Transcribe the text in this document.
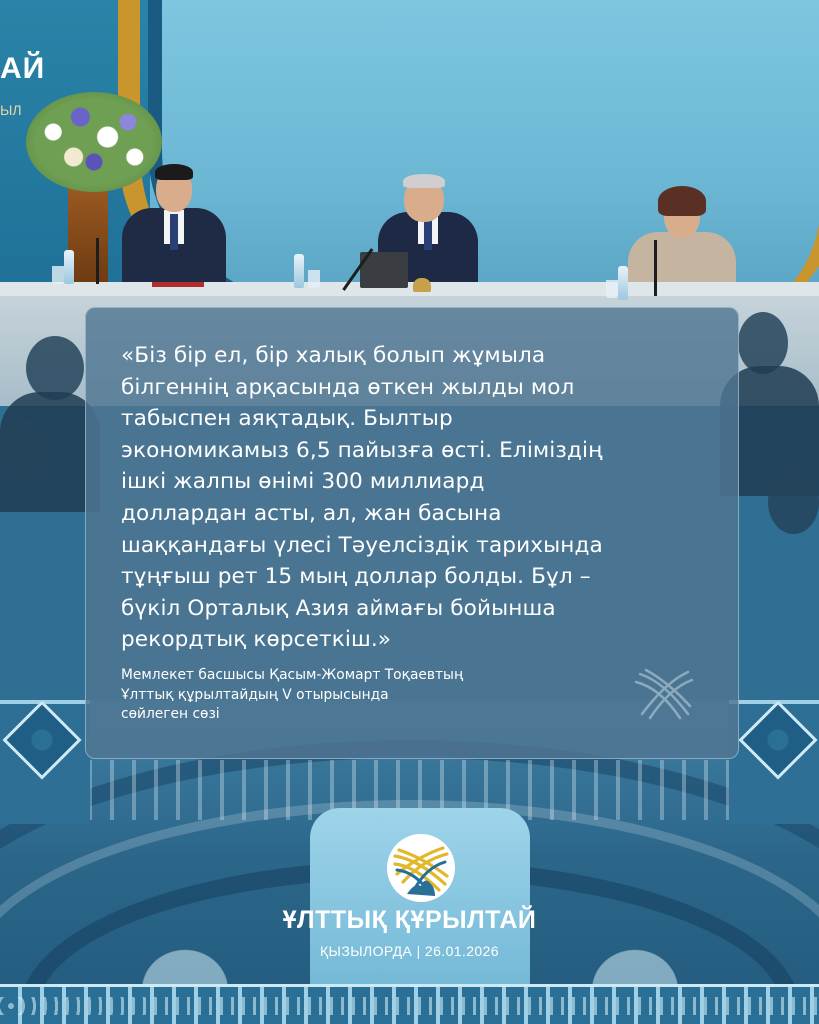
АЙ
ЫЛ
«Біз бір ел, бір халық болып жұмыла
білгеннің арқасында өткен жылды мол
табыспен аяқтадық. Былтыр
экономикамыз 6,5 пайызға өсті. Еліміздің
ішкі жалпы өнімі 300 миллиард
доллардан асты, ал, жан басына
шаққандағы үлесі Тәуелсіздік тарихында
тұңғыш рет 15 мың доллар болды. Бұл –
бүкіл Орталық Азия аймағы бойынша
рекордтық көрсеткіш.»
Мемлекет басшысы Қасым-Жомарт Тоқаевтың
Ұлттық құрылтайдың V отырысында
сөйлеген сөзі
ҰЛТТЫҚ ҚҰРЫЛТАЙ
ҚЫЗЫЛОРДА | 26.01.2026
